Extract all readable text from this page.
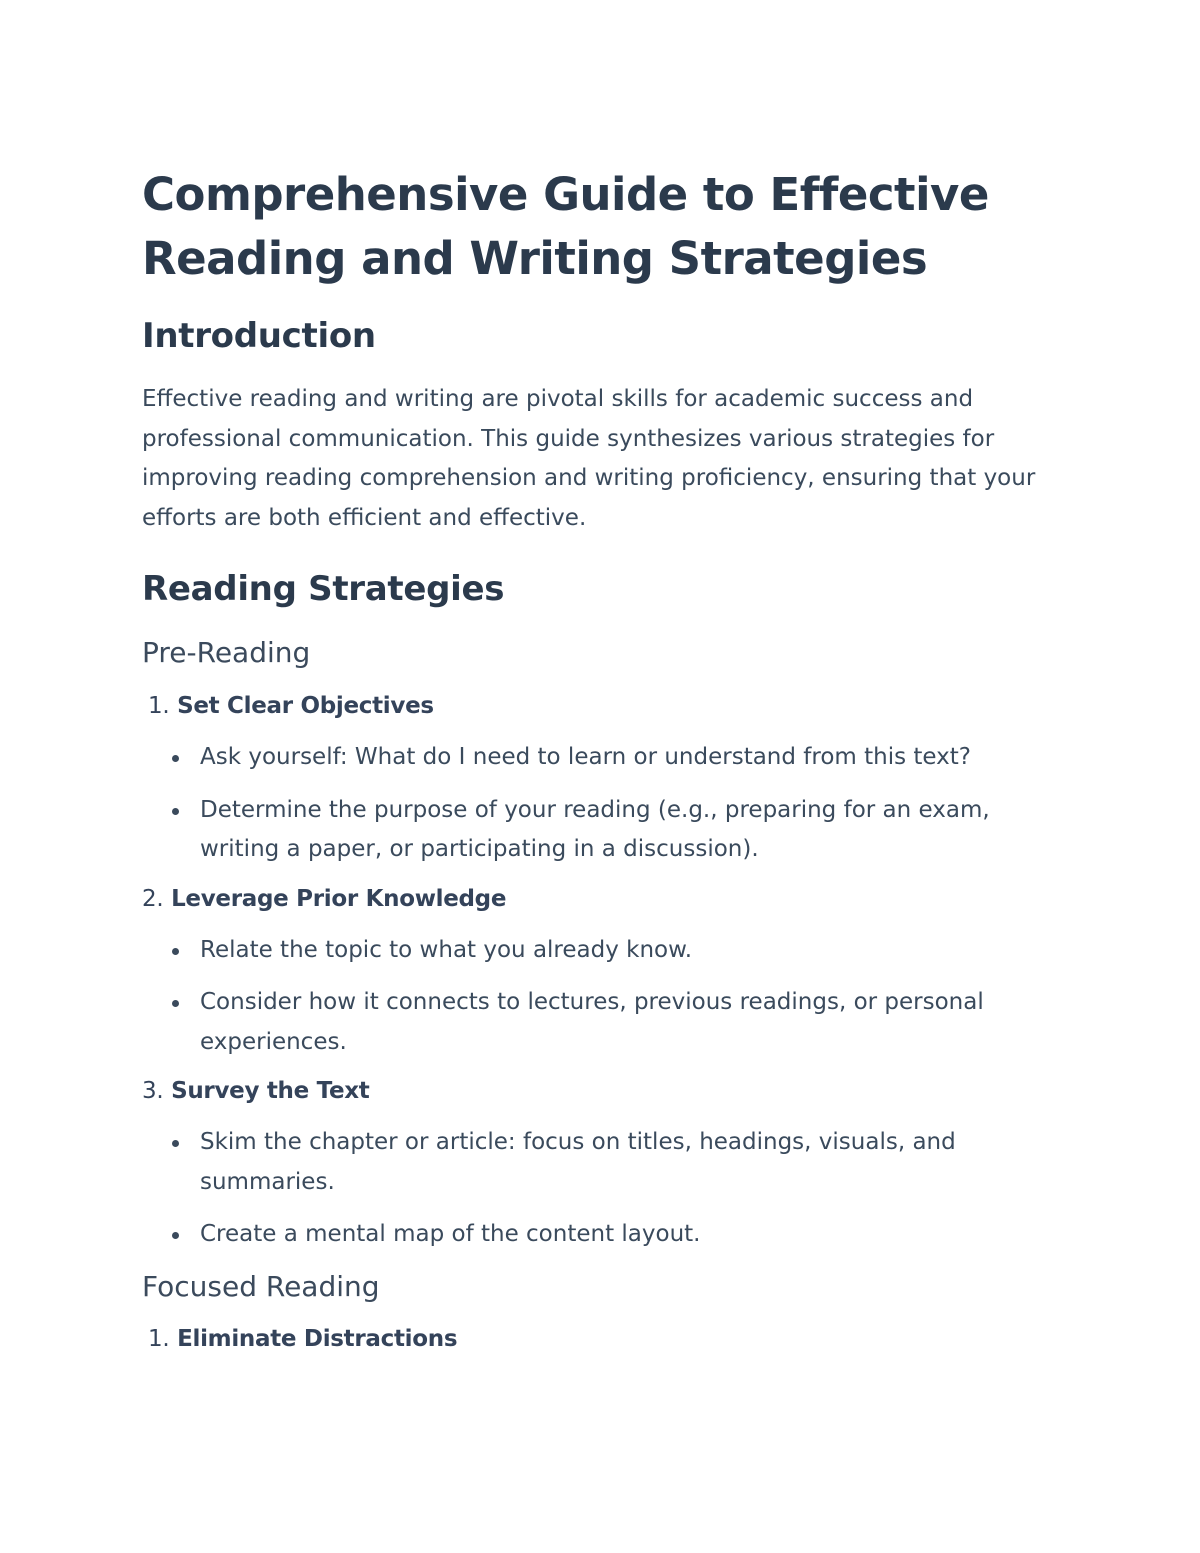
Comprehensive Guide to Effective Reading and Writing Strategies
Introduction

Effective reading and writing are pivotal skills for academic success and professional communication. This guide synthesizes various strategies for improving reading comprehension and writing proficiency, ensuring that your efforts are both efficient and effective.

Reading Strategies
Pre-Reading
1. Set Clear Objectives
Ask yourself: What do I need to learn or understand from this text?
Determine the purpose of your reading (e.g., preparing for an exam, writing a paper, or participating in a discussion).
2. Leverage Prior Knowledge
Relate the topic to what you already know.
Consider how it connects to lectures, previous readings, or personal experiences.
3. Survey the Text
Skim the chapter or article: focus on titles, headings, visuals, and summaries.
Create a mental map of the content layout.
Focused Reading
1. Eliminate Distractions
